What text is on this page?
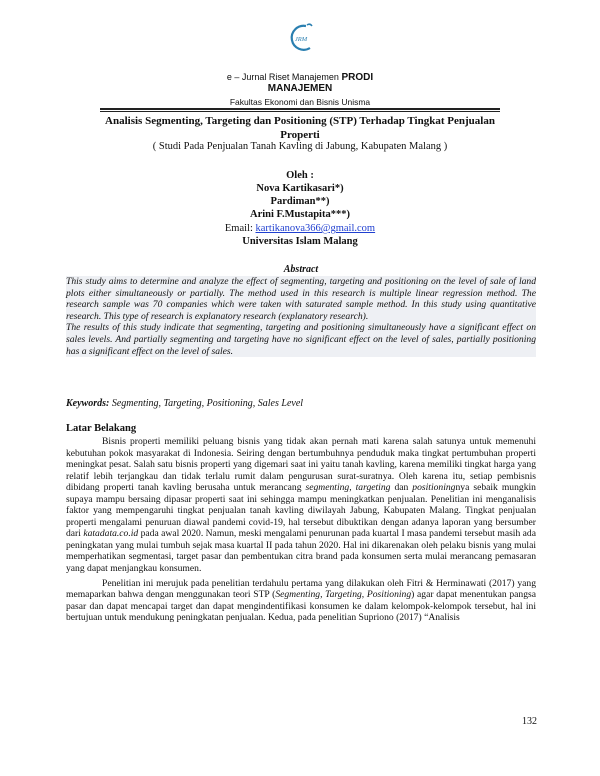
JRM
e – Jurnal Riset Manajemen PRODI
MANAJEMEN
Fakultas Ekonomi dan Bisnis Unisma
Analisis Segmenting, Targeting dan Positioning (STP) Terhadap Tingkat Penjualan Properti
( Studi Pada Penjualan Tanah Kavling di Jabung, Kabupaten Malang )
Oleh :
Nova Kartikasari*)
Pardiman**)
Arini F.Mustapita***)
Email: kartikanova366@gmail.com
Universitas Islam Malang
Abstract

This study aims to determine and analyze the effect of segmenting, targeting and positioning on the level of sale of land plots either simultaneously or partially. The method used in this research is multiple linear regression method. The research sample was 70 companies which were taken with saturated sample method. In this study using quantitative research. This type of research is explanatory research (explanatory research).

The results of this study indicate that segmenting, targeting and positioning simultaneously have a significant effect on sales levels. And partially segmenting and targeting have no significant effect on the level of sales, partially positioning has a significant effect on the level of sales.

Keywords: Segmenting, Targeting, Positioning, Sales Level
Latar Belakang

Bisnis properti memiliki peluang bisnis yang tidak akan pernah mati karena salah satunya untuk memenuhi kebutuhan pokok masyarakat di Indonesia. Seiring dengan bertumbuhnya penduduk maka tingkat pertumbuhan properti meningkat pesat. Salah satu bisnis properti yang digemari saat ini yaitu tanah kavling, karena memiliki tingkat harga yang relatif lebih terjangkau dan tidak terlalu rumit dalam pengurusan surat-suratnya. Oleh karena itu, setiap pembisnis dibidang properti tanah kavling berusaha untuk merancang segmenting, targeting dan positioningnya sebaik mungkin supaya mampu bersaing dipasar properti saat ini sehingga mampu meningkatkan penjualan. Penelitian ini menganalisis faktor yang mempengaruhi tingkat penjualan tanah kavling diwilayah Jabung, Kabupaten Malang. Tingkat penjualan properti mengalami penuruan diawal pandemi covid-19, hal tersebut dibuktikan dengan adanya laporan yang bersumber dari katadata.co.id pada awal 2020. Namun, meski mengalami penurunan pada kuartal I masa pandemi tersebut masih ada peningkatan yang mulai tumbuh sejak masa kuartal II pada tahun 2020. Hal ini dikarenakan oleh pelaku bisnis yang mulai memperhatikan segmentasi, target pasar dan pembentukan citra brand pada konsumen serta mulai merancang pemasaran yang dapat menjangkau konsumen.

Penelitian ini merujuk pada penelitian terdahulu pertama yang dilakukan oleh Fitri & Herminawati (2017) yang memaparkan bahwa dengan menggunakan teori STP (Segmenting, Targeting, Positioning) agar dapat menentukan pangsa pasar dan dapat mencapai target dan dapat mengindentifikasi konsumen ke dalam kelompok-kelompok tersebut, hal ini bertujuan untuk mendukung peningkatan penjualan. Kedua, pada penelitian Supriono (2017) “Analisis

132
